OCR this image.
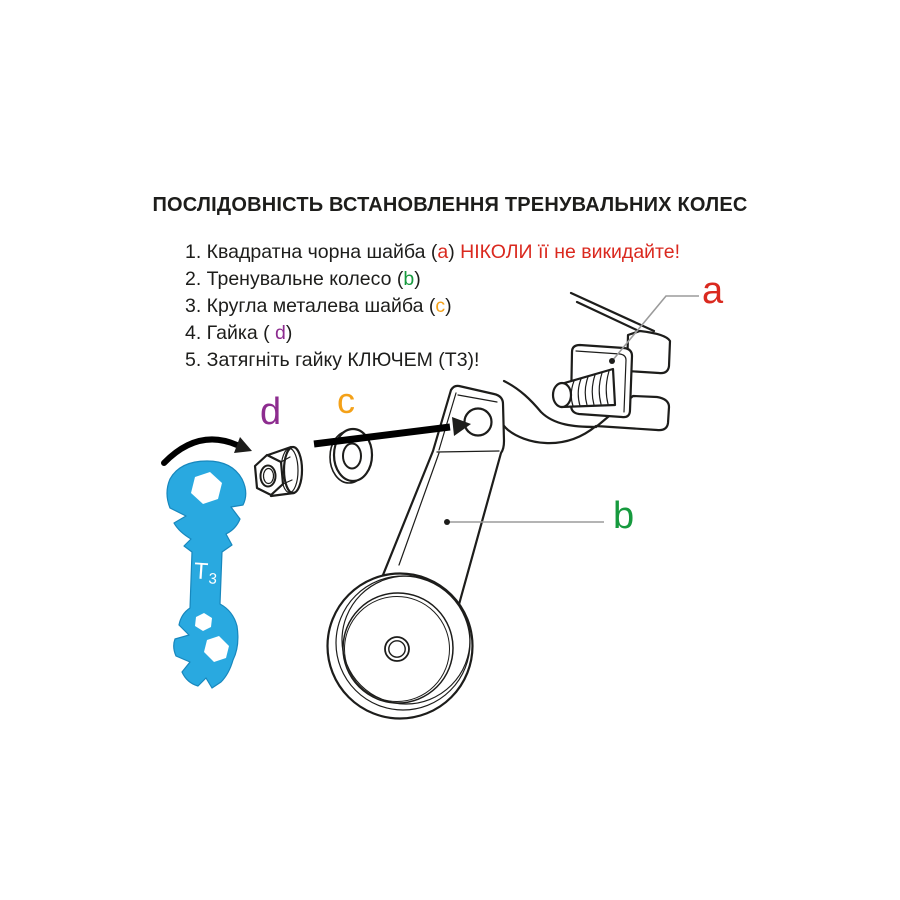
ПОСЛІДОВНІСТЬ ВСТАНОВЛЕННЯ ТРЕНУВАЛЬНИХ КОЛЕС
1. Квадратна чорна шайба (a) НІКОЛИ її не викидайте!
2. Тренувальне колесо (b)
3. Кругла металева шайба (c)
4. Гайка ( d)
5. Затягніть гайку КЛЮЧЕМ (Т3)!
a
b
c
d
Т3
